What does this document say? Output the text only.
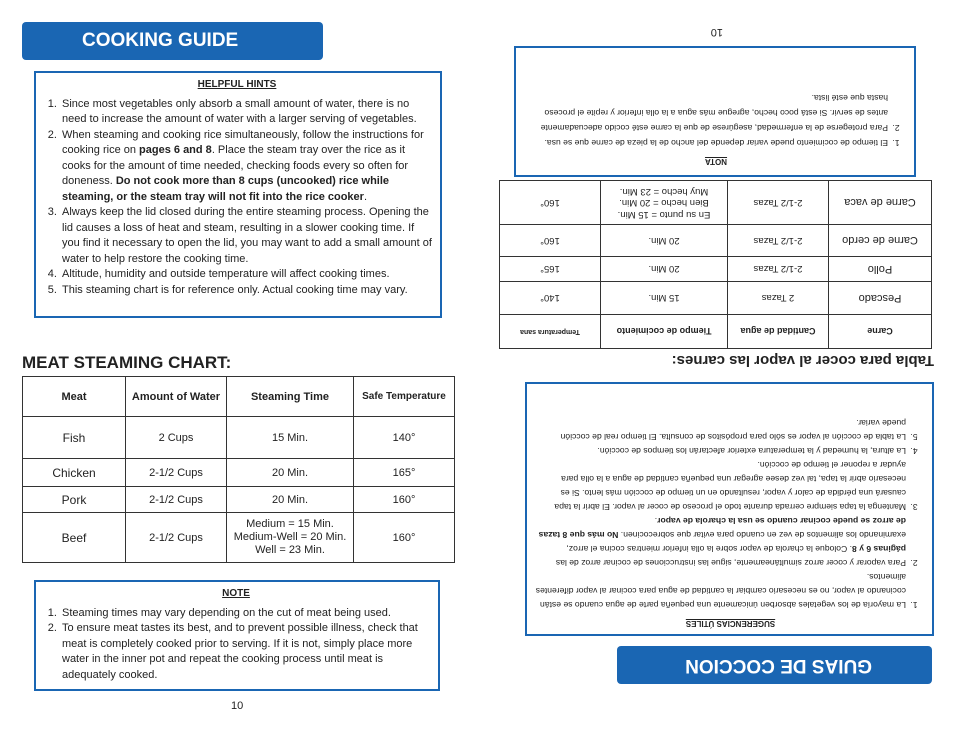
COOKING GUIDE
HELPFUL HINTS
1. Since most vegetables only absorb a small amount of water, there is no need to increase the amount of water with a larger serving of vegetables.
2. When steaming and cooking rice simultaneously, follow the instructions for cooking rice on pages 6 and 8. Place the steam tray over the rice as it cooks for the amount of time needed, checking foods every so often for doneness. Do not cook more than 8 cups (uncooked) rice while steaming, or the steam tray will not fit into the rice cooker.
3. Always keep the lid closed during the entire steaming process. Opening the lid causes a loss of heat and steam, resulting in a slower cooking time. If you find it necessary to open the lid, you may want to add a small amount of water to help restore the cooking time.
4. Altitude, humidity and outside temperature will affect cooking times.
5. This steaming chart is for reference only. Actual cooking time may vary.
MEAT STEAMING CHART:
Meat	Amount of Water	Steaming Time	Safe Temperature
Fish	2 Cups	15 Min.	140°
Chicken	2-1/2 Cups	20 Min.	165°
Pork	2-1/2 Cups	20 Min.	160°
Beef	2-1/2 Cups	Medium = 15 Min.
Medium-Well = 20 Min.
Well = 23 Min.	160°
NOTE
1. Steaming times may vary depending on the cut of meat being used.
2. To ensure meat tastes its best, and to prevent possible illness, check that meat is completely cooked prior to serving. If it is not, simply place more water in the inner pot and repeat the cooking process until meat is adequately cooked.
10
GUIAS DE COCCION
SUGERENCIAS ÚTILES
1. La mayoría de los vegetales absorben únicamente una pequeña parte de agua cuando se están cocinando al vapor, no es necesario cambiar la cantidad de agua para cocinar al vapor diferentes alimentos.
2. Para vaporar y cocer arroz simultáneamente, sigue las instrucciones de cocinar arroz de las páginas 6 y 8. Coloque la charola de vapor sobre la olla inferior mientras cocina el arroz, examinando los alimentos de vez en cuando para evitar que sobrecocinen. No más que 8 tazas de arroz se puede cocinar cuando se usa la charola de vapor.
3. Mantenga la tapa siempre cerrada durante todo el proceso de cocer al vapor. El abrir la tapa causará una pérdida de calor y vapor, resultando en un tiempo de cocción más lento. Si es necesario abrir la tapa, tal vez desee agregar una pequeña cantidad de agua a la olla para ayudar a reponer el tiempo de cocción.
4. La altura, la humedad y la temperatura exterior afectarán los tiempos de cocción.
5. La tabla de cocción al vapor es sólo para propósitos de consulta. El tiempo real de cocción puede variar.
Tabla para cocer al vapor las carnes:
Carne	Cantidad de agua	Tiempo de cocimiento	Temperatura sana
Pescado	2 Tazas	15 Min.	140°
Pollo	2-1/2 Tazas	20 Min.	165°
Carne de cerdo	2-1/2 Tazas	20 Min.	160°
Carne de vaca	2-1/2 Tazas	En su punto = 15 Min.
Bien hecho = 20 Min.
Muy hecho = 23 Min.	160°
NOTA
1. El tiempo de cocimiento puede variar depende del ancho de la pieza de carne que se usa.
2. Para protegerse de la enfermedad, asegúrese de que la carne esté cocido adecuadamente antes de servir. Si está poco hecho, agregue más agua a la olla inferior y repite el proceso hasta que esté lista.
10
